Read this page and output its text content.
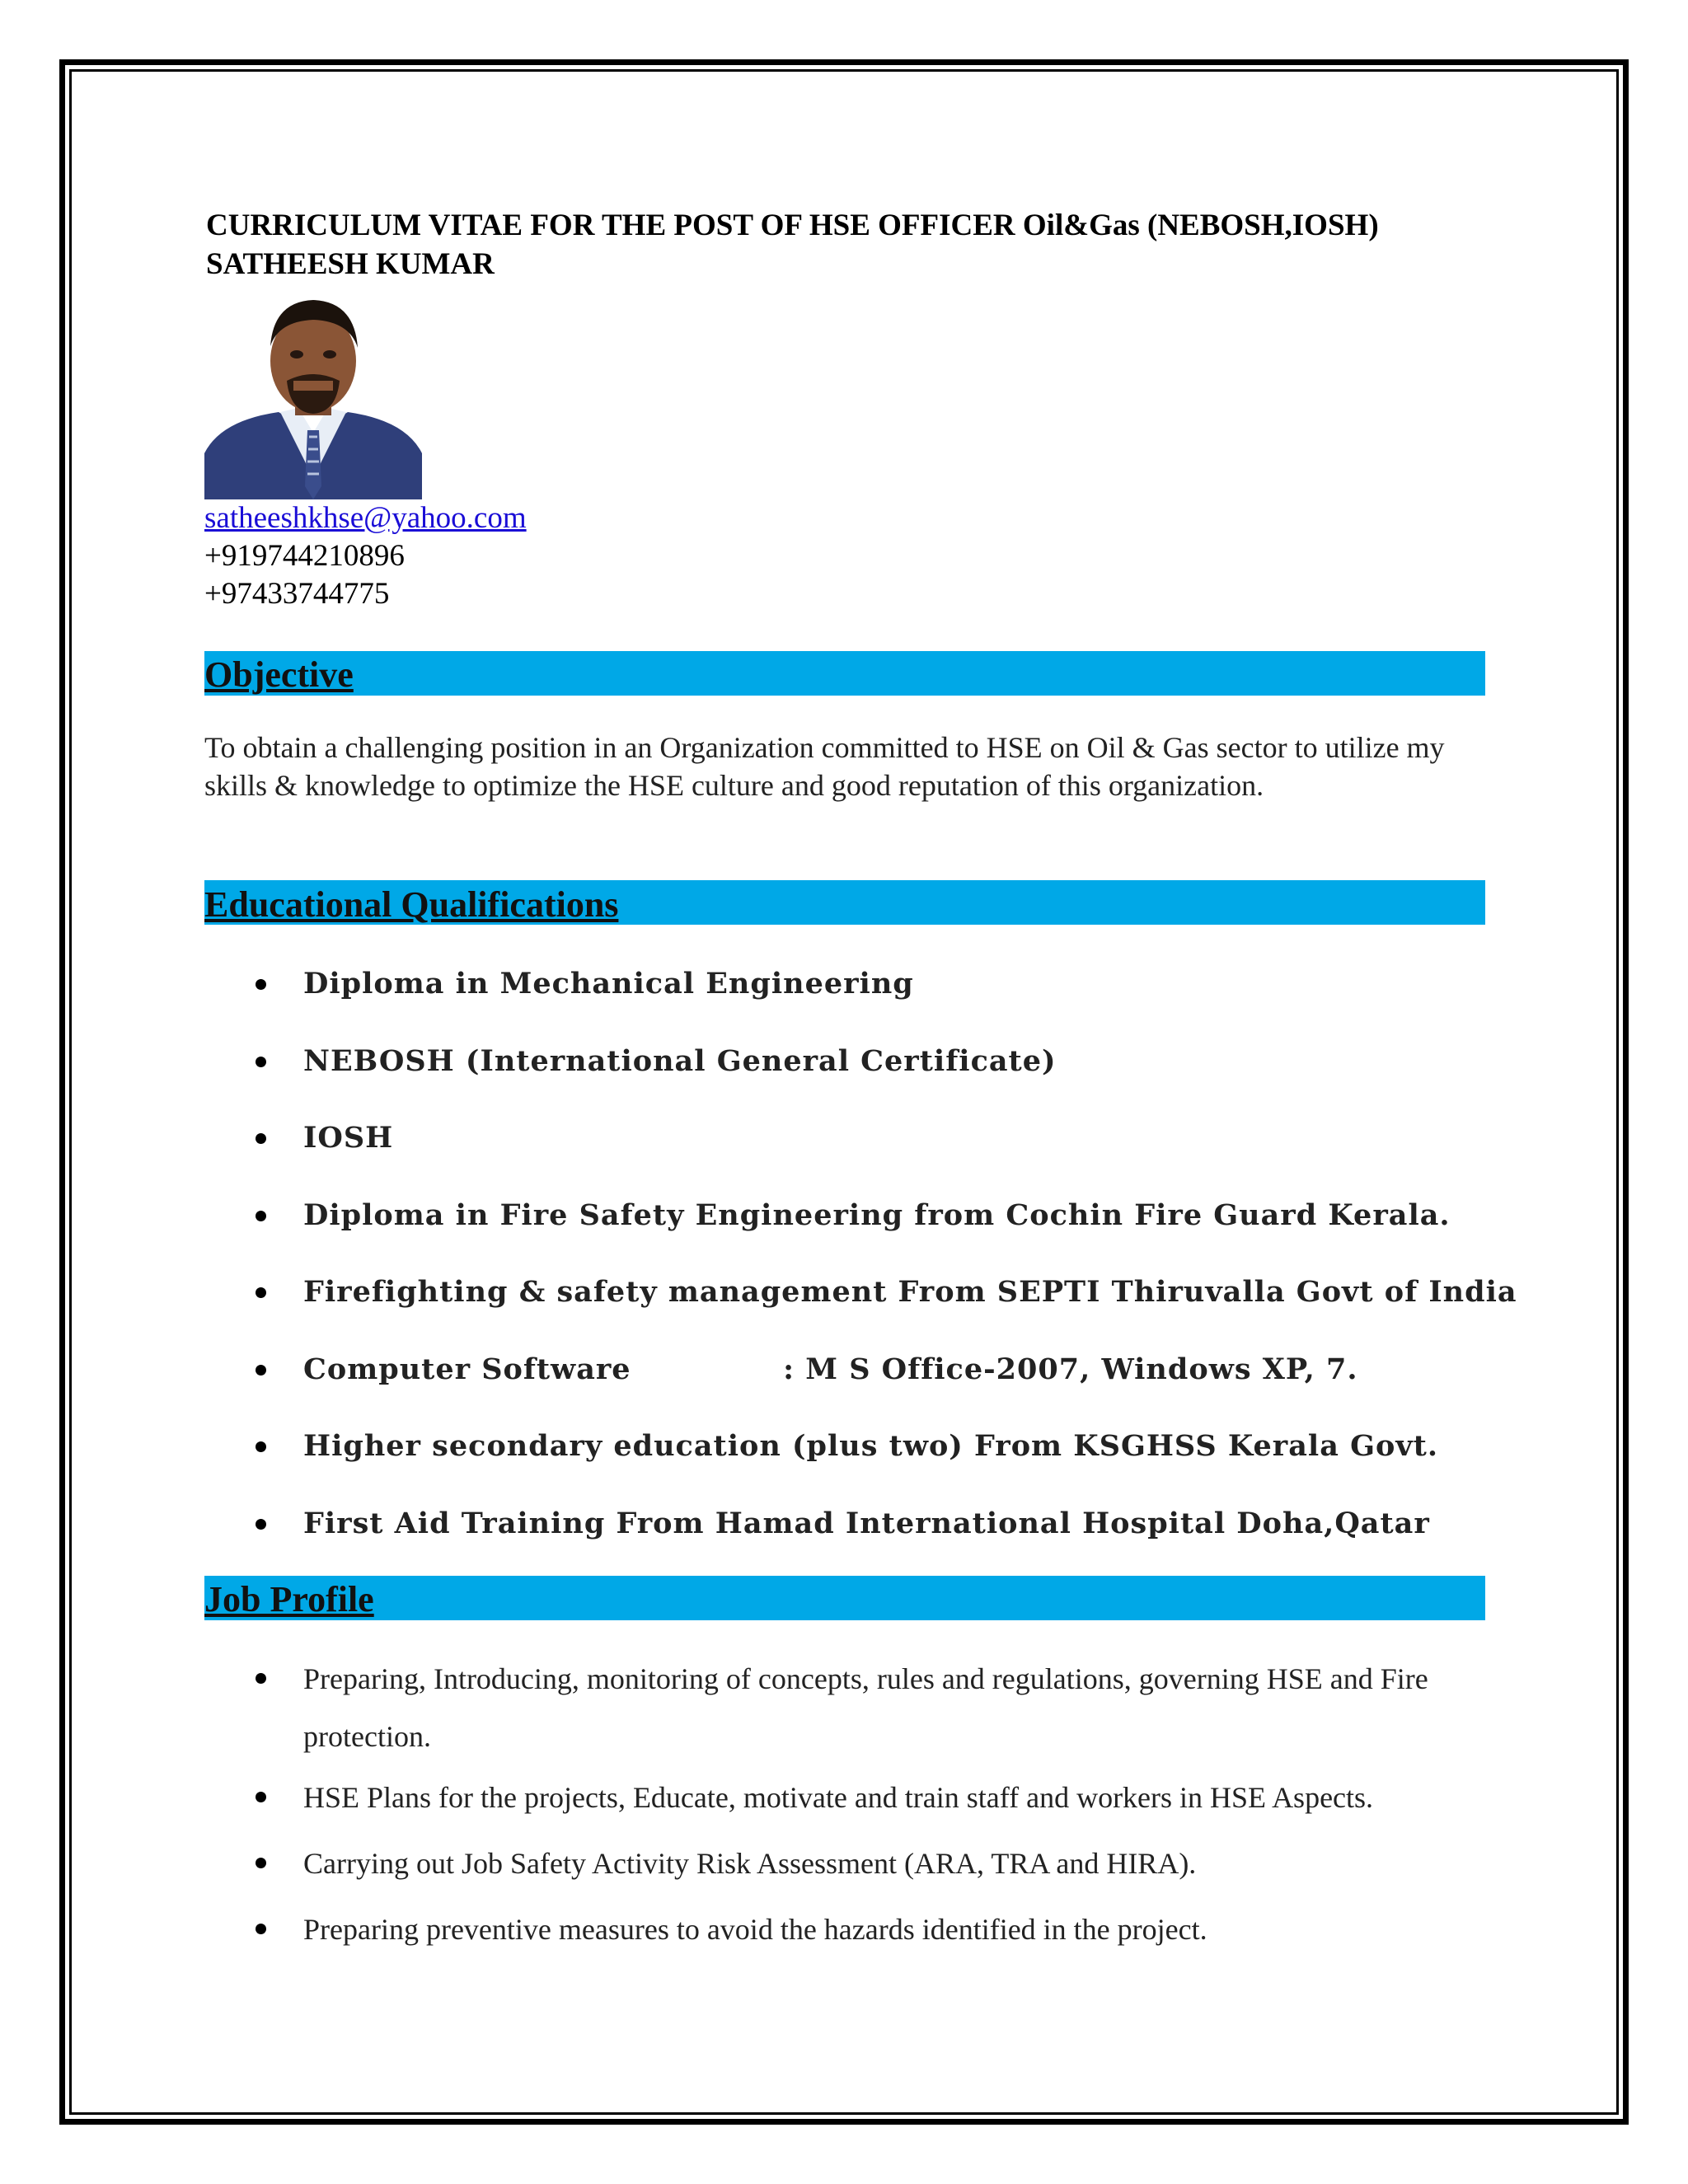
CURRICULUM VITAE FOR THE POST OF HSE OFFICER Oil&Gas (NEBOSH,IOSH)
SATHEESH KUMAR
satheeshkhse@yahoo.com
+919744210896
+97433744775
Objective
To obtain a challenging position in an Organization committed to HSE on Oil & Gas sector to utilize my skills & knowledge to optimize the HSE culture and good reputation of this organization.
Educational Qualifications
Diploma in Mechanical Engineering
NEBOSH (International General Certificate)
IOSH
Diploma in Fire Safety Engineering from Cochin Fire Guard Kerala.
Firefighting & safety management From SEPTI Thiruvalla Govt of India
Computer Software              : M S Office-2007, Windows XP, 7.
Higher secondary education (plus two) From KSGHSS Kerala Govt.
First Aid Training From Hamad International Hospital Doha,Qatar
Job Profile
Preparing, Introducing, monitoring of concepts, rules and regulations, governing HSE and Fire protection.
HSE Plans for the projects, Educate, motivate and train staff and workers in HSE Aspects.
Carrying out Job Safety Activity Risk Assessment (ARA, TRA and HIRA).
Preparing preventive measures to avoid the hazards identified in the project.
